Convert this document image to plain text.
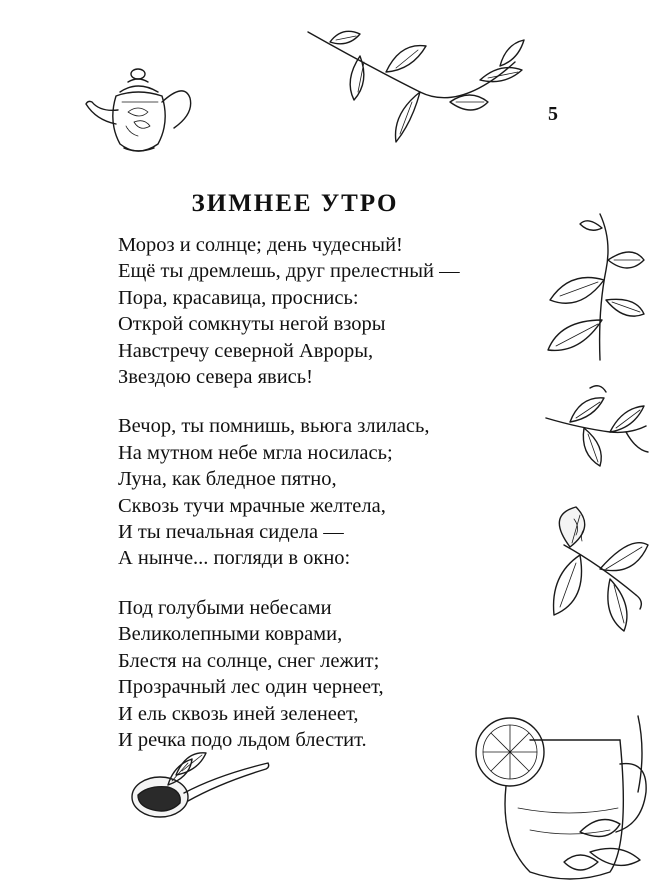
5
ЗИМНЕЕ УТРО
Мороз и солнце; день чудесный!
Ещё ты дремлешь, друг прелестный —
Пора, красавица, проснись:
Открой сомкнуты негой взоры
Навстречу северной Авроры,
Звездою севера явись!
Вечор, ты помнишь, вьюга злилась,
На мутном небе мгла носилась;
Луна, как бледное пятно,
Сквозь тучи мрачные желтела,
И ты печальная сидела —
А нынче... погляди в окно:
Под голубыми небесами
Великолепными коврами,
Блестя на солнце, снег лежит;
Прозрачный лес один чернеет,
И ель сквозь иней зеленеет,
И речка подо льдом блестит.
